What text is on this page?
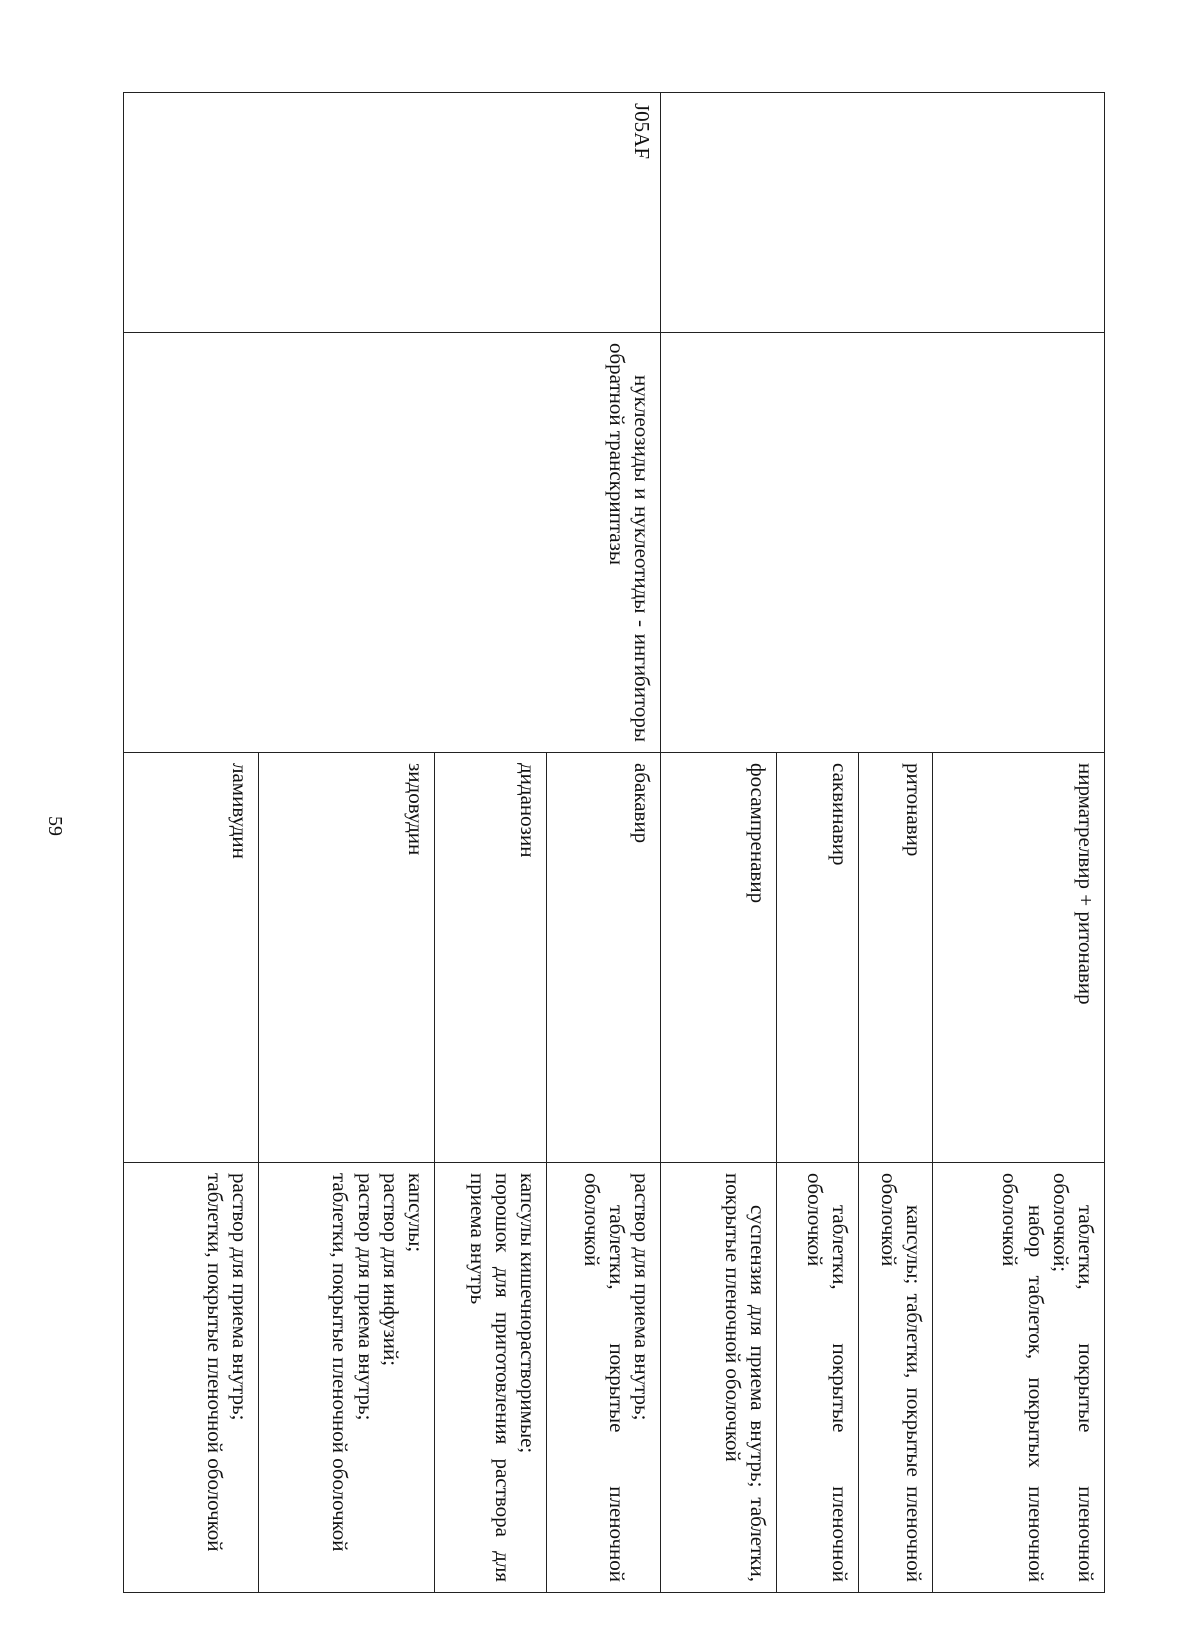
59
			нирматрелвир + ритонавир	таблетки, покрытые пленочной оболочкой;
набор таблеток, покрытых пленочной оболочкой

		ритонавир	капсулы; таблетки, покрытые пленочной оболочкой

		саквинавир	таблетки, покрытые пленочной оболочкой

		фосампренавир	суспензия для приема внутрь; таблетки, покрытые пленочной оболочкой

J05AF	нуклеозиды и нуклеотиды - ингибиторы обратной транскриптазы	абакавир	раствор для приема внутрь;
таблетки, покрытые пленочной оболочкой

		диданозин	капсулы кишечнорастворимые;
порошок для приготовления раствора для приема внутрь

		зидовудин	капсулы;
раствор для инфузий;
раствор для приема внутрь;
таблетки, покрытые пленочной оболочкой

		ламивудин	раствор для приема внутрь;
таблетки, покрытые пленочной оболочкой
